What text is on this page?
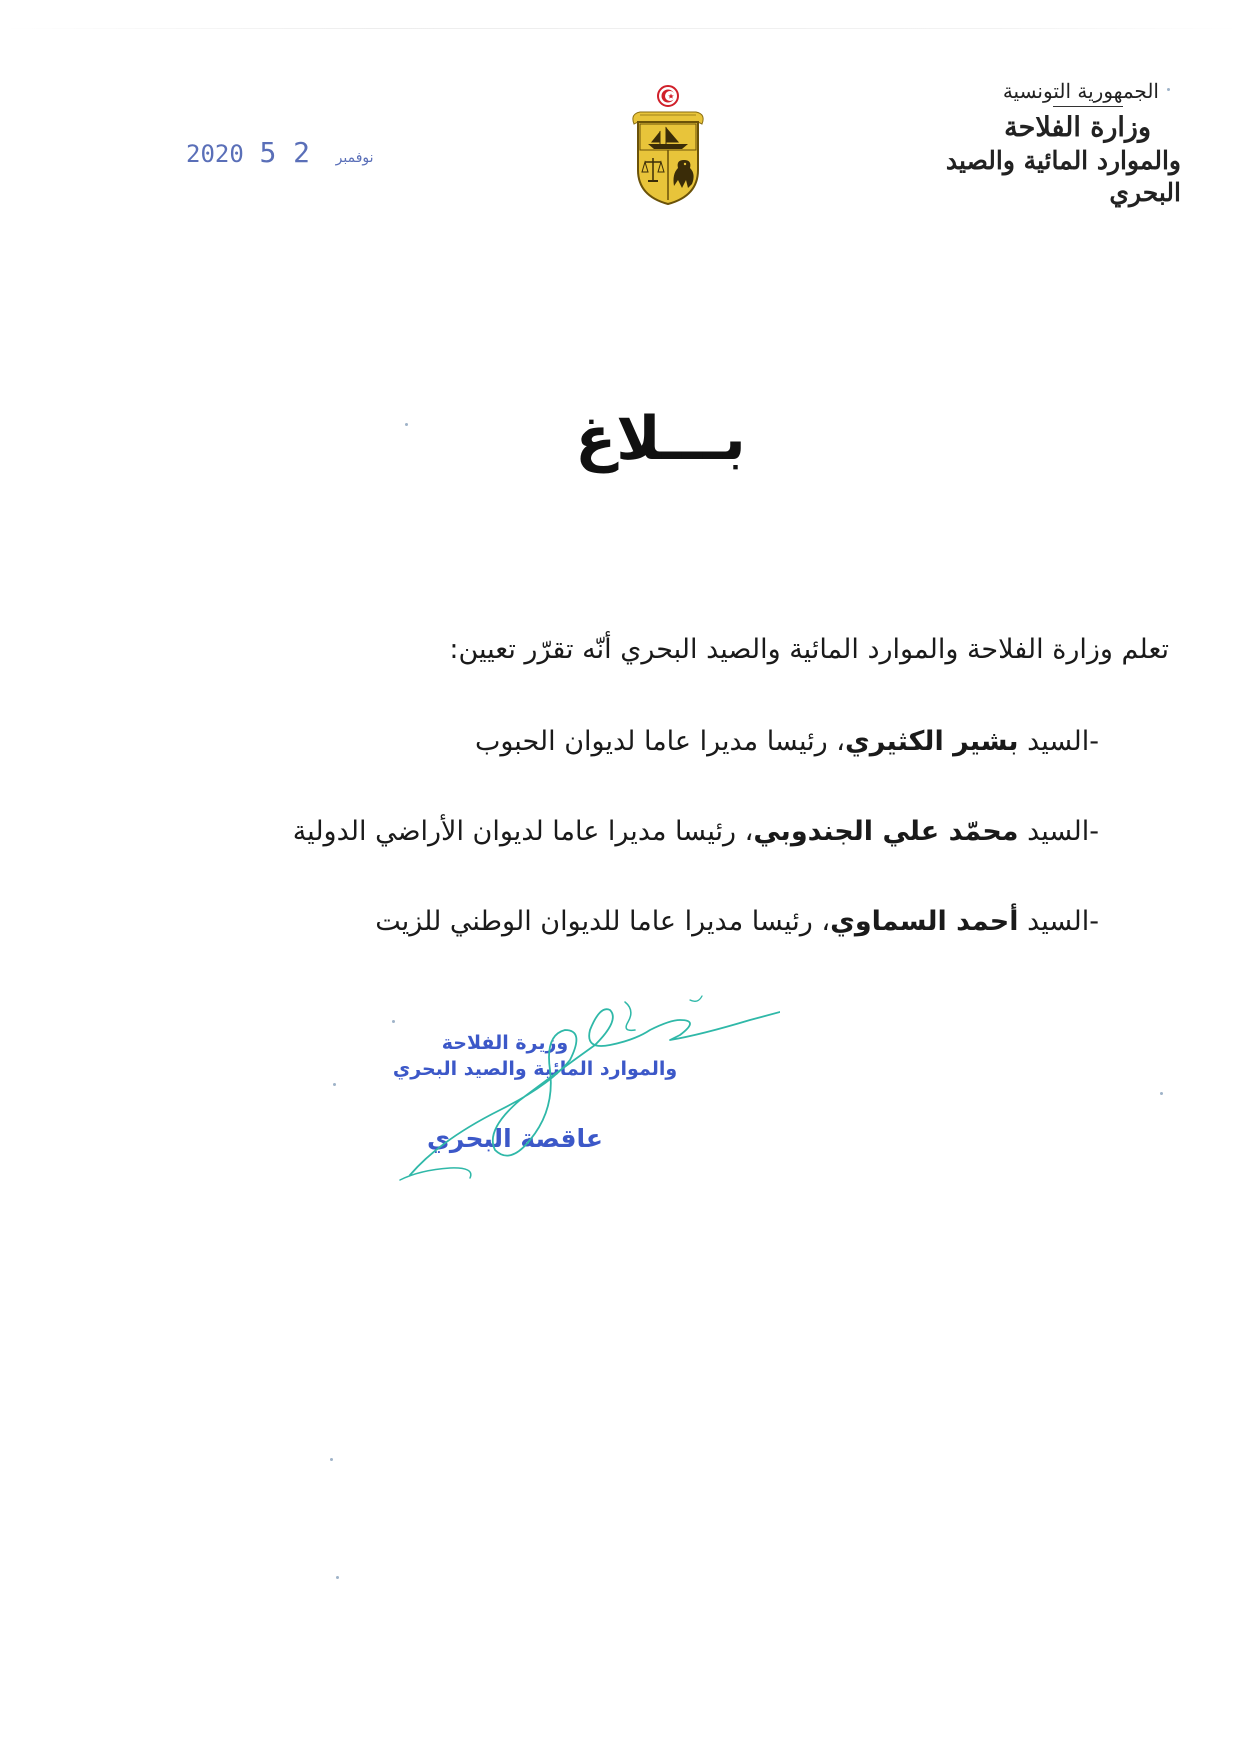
الجمهورية التونسية
وزارة الفلاحة
والموارد المائية والصيد البحري
2020	نوفمبر 2 5
بـــلاغ

تعلم وزارة الفلاحة والموارد المائية والصيد البحري أنّه تقرّر تعيين:

-السيد بشير الكثيري، رئيسا مديرا عاما لديوان الحبوب

-السيد محمّد علي الجندوبي، رئيسا مديرا عاما لديوان الأراضي الدولية

-السيد أحمد السماوي، رئيسا مديرا عاما للديوان الوطني للزيت

وزيرة الفلاحة
والموارد المائية والصيد البحري
عاقصة البحري
